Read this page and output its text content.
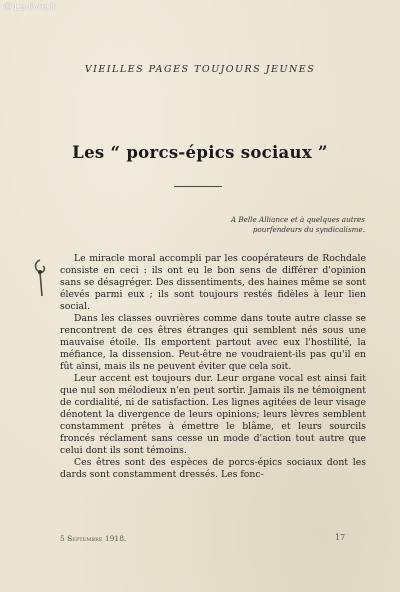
© Le-livre.fr
VIEILLES PAGES TOUJOURS JEUNES
Les “ porcs-épics sociaux ”
A Belle Alliance et à quelques autres pourfendeurs du syndicalisme.

Le miracle moral accompli par les coopérateurs de Rochdale consiste en ceci : ils ont eu le bon sens de différer d'opinion sans se désagréger. Des dissentiments, des haines même se sont élevés parmi eux ; ils sont toujours restés fidèles à leur lien social.

Dans les classes ouvrières comme dans toute autre classe se rencontrent de ces êtres étranges qui semblent nés sous une mauvaise étoile. Ils emportent partout avec eux l'hostilité, la méfiance, la dissension. Peut-être ne voudraient-ils pas qu'il en fût ainsi, mais ils ne peuvent éviter que cela soit.

Leur accent est toujours dur. Leur organe vocal est ainsi fait que nul son mélodieux n'en peut sortir. Jamais ils ne témoignent de cordialité, ni de satisfaction. Les lignes agitées de leur visage dénotent la divergence de leurs opinions; leurs lèvres semblent constamment prêtes à émettre le blâme, et leurs sourcils froncés réclament sans cesse un mode d'action tout autre que celui dont ils sont témoins.

Ces êtres sont des espèces de porcs-épics sociaux dont les dards sont constamment dressés. Les fonc-

5 Septembre 1918.	17
